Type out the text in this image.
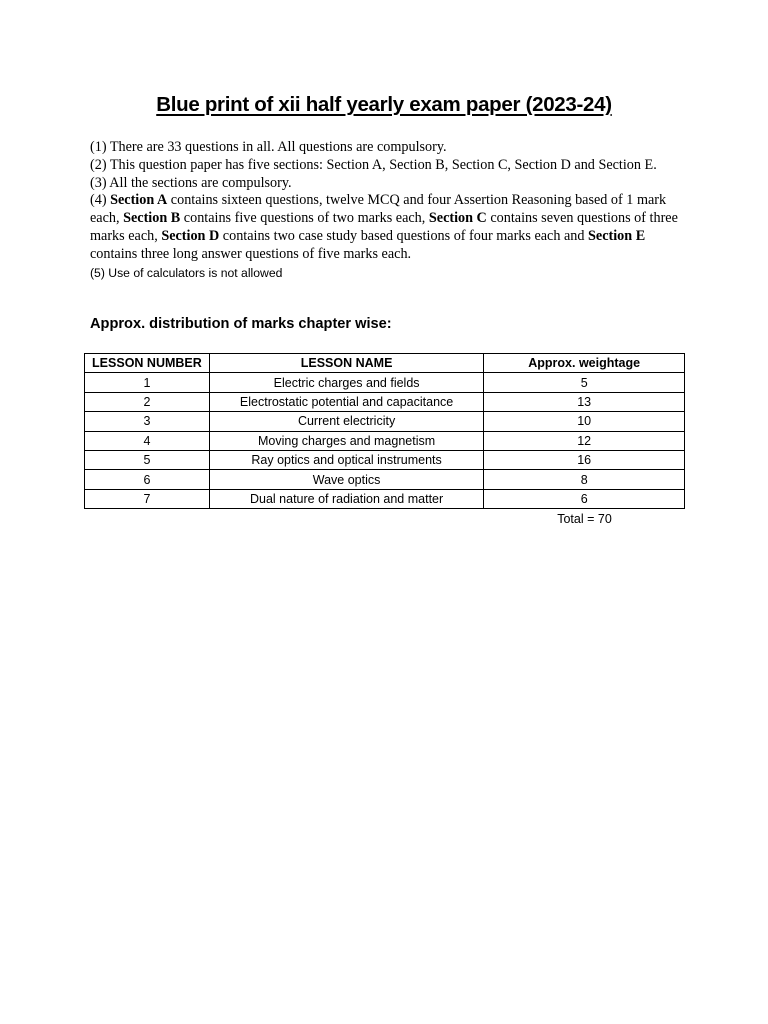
Blue print of xii half yearly exam paper (2023-24)

(1) There are 33 questions in all. All questions are compulsory.

(2) This question paper has five sections: Section A, Section B, Section C, Section D and Section E.

(3) All the sections are compulsory.

(4) Section A contains sixteen questions, twelve MCQ and four Assertion Reasoning based of 1 mark each, Section B contains five questions of two marks each, Section C contains seven questions of three marks each, Section D contains two case study based questions of four marks each and Section E contains three long answer questions of five marks each.

(5) Use of calculators is not allowed

Approx. distribution of marks chapter wise:
LESSON NUMBER	LESSON NAME	Approx. weightage
1	Electric charges and fields	5
2	Electrostatic potential and capacitance	13
3	Current electricity	10
4	Moving charges and magnetism	12
5	Ray optics and optical instruments	16
6	Wave optics	8
7	Dual nature of radiation and matter	6
Total = 70
